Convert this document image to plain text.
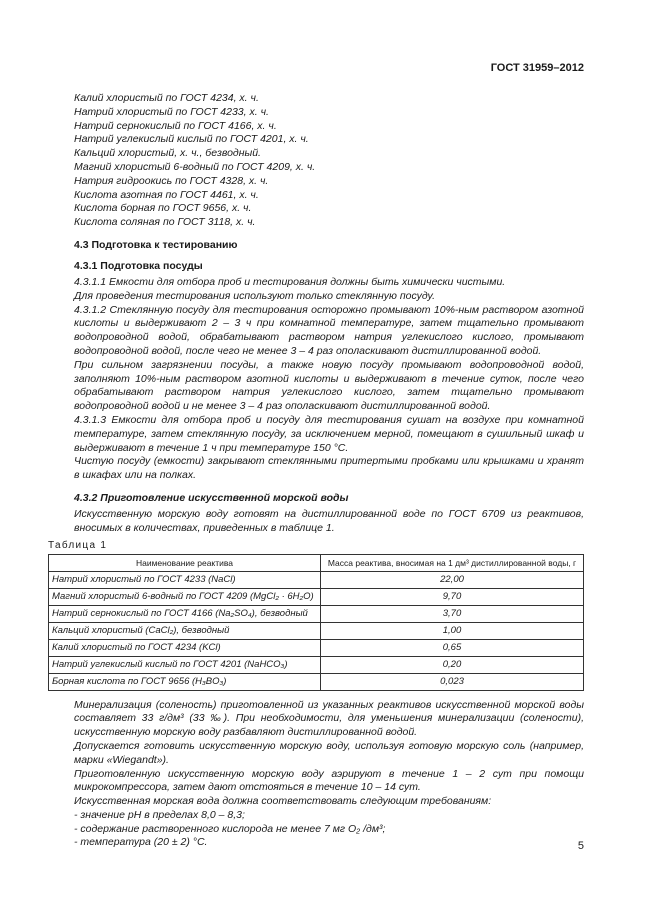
ГОСТ 31959–2012
Калий хлористый по ГОСТ 4234, х. ч.
Натрий хлористый по ГОСТ 4233, х. ч.
Натрий сернокислый по ГОСТ 4166, х. ч.
Натрий углекислый кислый по ГОСТ 4201, х. ч.
Кальций хлористый, х. ч., безводный.
Магний хлористый 6-водный по ГОСТ 4209, х. ч.
Натрия гидроокись по ГОСТ 4328, х. ч.
Кислота азотная по ГОСТ 4461, х. ч.
Кислота борная по ГОСТ 9656, х. ч.
Кислота соляная по ГОСТ 3118, х. ч.
4.3 Подготовка к тестированию
4.3.1 Подготовка посуды

4.3.1.1 Емкости для отбора проб и тестирования должны быть химически чистыми.

Для проведения тестирования используют только стеклянную посуду.

4.3.1.2 Стеклянную посуду для тестирования осторожно промывают 10%-ным раствором азотной кислоты и выдерживают 2 – 3 ч при комнатной температуре, затем тщательно промывают водопроводной водой, обрабатывают раствором натрия углекислого кислого, промывают водопроводной водой, после чего не менее 3 – 4 раз ополаскивают дистиллированной водой.

При сильном загрязнении посуды, а также новую посуду промывают водопроводной водой, заполняют 10%-ным раствором азотной кислоты и выдерживают в течение суток, после чего обрабатывают раствором натрия углекислого кислого, затем тщательно промывают водопроводной водой и не менее 3 – 4 раз ополаскивают дистиллированной водой.

4.3.1.3 Емкости для отбора проб и посуду для тестирования сушат на воздухе при комнатной температуре, затем стеклянную посуду, за исключением мерной, помещают в сушильный шкаф и выдерживают в течение 1 ч при температуре 150 °С.

Чистую посуду (емкости) закрывают стеклянными притертыми пробками или крышками и хранят в шкафах или на полках.

4.3.2 Приготовление искусственной морской воды

Искусственную морскую воду готовят на дистиллированной воде по ГОСТ 6709 из реактивов, вносимых в количествах, приведенных в таблице 1.

Таблица 1
Наименование реактива	Масса реактива, вносимая на 1 дм³ дистиллированной воды, г
Натрий хлористый по ГОСТ 4233 (NaCl)	22,00
Магний хлористый 6-водный по ГОСТ 4209 (MgCl₂ · 6H₂O)	9,70
Натрий сернокислый по ГОСТ 4166 (Na₂SO₄), безводный	3,70
Кальций хлористый (CaCl₂), безводный	1,00
Калий хлористый по ГОСТ 4234 (KCl)	0,65
Натрий углекислый кислый по ГОСТ 4201 (NaHCO₃)	0,20
Борная кислота по ГОСТ 9656 (H₃BO₃)	0,023

Минерализация (соленость) приготовленной из указанных реактивов искусственной морской воды составляет 33 г/дм³ (33 ‰). При необходимости, для уменьшения минерализации (солености), искусственную морскую воду разбавляют дистиллированной водой.

Допускается готовить искусственную морскую воду, используя готовую морскую соль (например, марки «Wiegandt»).

Приготовленную искусственную морскую воду аэрируют в течение 1 – 2 сут при помощи микрокомпрессора, затем дают отстояться в течение 10 – 14 сут.

Искусственная морская вода должна соответствовать следующим требованиям:

- значение рН в пределах 8,0 – 8,3;

- содержание растворенного кислорода не менее 7 мг O₂ /дм³;

- температура (20 ± 2) °С.	5
